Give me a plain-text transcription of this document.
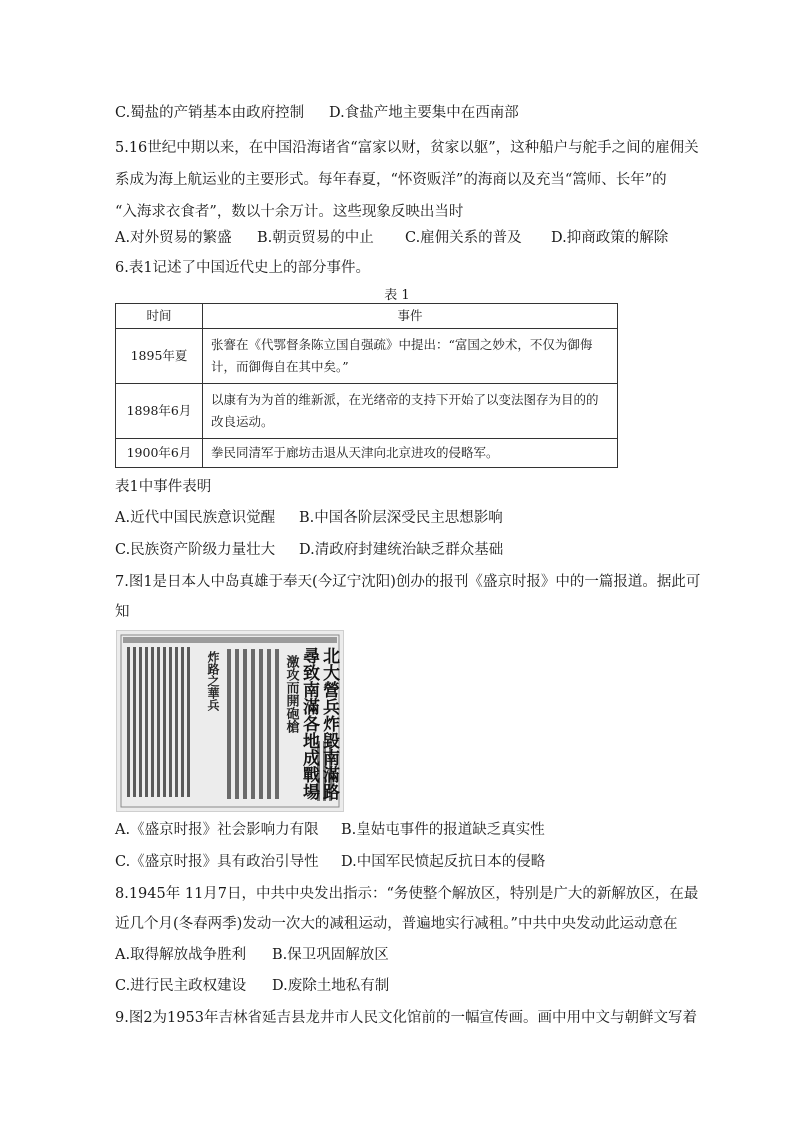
C.蜀盐的产销基本由政府控制 D.食盐产地主要集中在西南部
5.16世纪中期以来，在中国沿海诸省“富家以财，贫家以躯”，这种船户与舵手之间的雇佣关
系成为海上航运业的主要形式。每年春夏，“怀资贩洋”的海商以及充当“篙师、长年”的
“入海求衣食者”，数以十余万计。这些现象反映出当时
A.对外贸易的繁盛 B.朝贡贸易的中止 C.雇佣关系的普及 D.抑商政策的解除
6.表1记述了中国近代史上的部分事件。
表 1
时间	事件
1895年夏	张謇在《代鄂督条陈立国自强疏》中提出：“富国之妙术，不仅为御侮计，而御侮自在其中矣。”
1898年6月	以康有为为首的维新派，在光绪帝的支持下开始了以变法图存为目的的改良运动。
1900年6月	拳民同清军于廊坊击退从天津向北京进攻的侵略军。
表1中事件表明
A.近代中国民族意识觉醒 B.中国各阶层深受民主思想影响
C.民族资产阶级力量壮大 D.清政府封建统治缺乏群众基础
7.图1是日本人中岛真雄于奉天(今辽宁沈阳)创办的报刊《盛京时报》中的一篇报道。据此可
知
北大營兵炸毀南滿路
尋致南滿各地成戰場
激攻而開砲槍
炸路之華兵
A.《盛京时报》社会影响力有限 B.皇姑屯事件的报道缺乏真实性
C.《盛京时报》具有政治引导性 D.中国军民愤起反抗日本的侵略
8.1945年 11月7日，中共中央发出指示：“务使整个解放区，特别是广大的新解放区，在最
近几个月(冬春两季)发动一次大的减租运动，普遍地实行减租。”中共中央发动此运动意在
A.取得解放战争胜利 B.保卫巩固解放区
C.进行民主政权建设 D.废除土地私有制
9.图2为1953年吉林省延吉县龙井市人民文化馆前的一幅宣传画。画中用中文与朝鲜文写着
